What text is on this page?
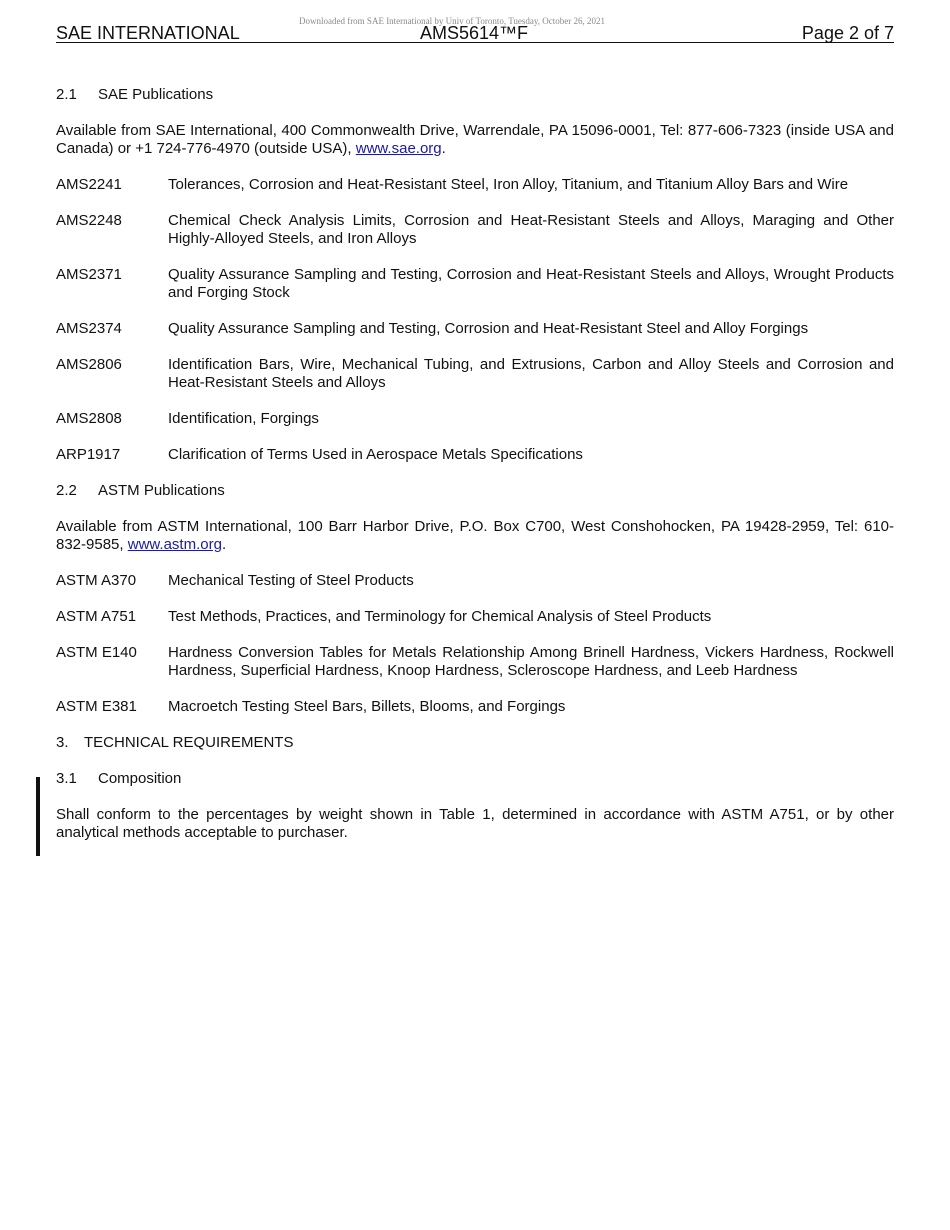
Downloaded from SAE International by Univ of Toronto, Tuesday, October 26, 2021
SAE INTERNATIONAL	AMS5614™F	Page 2 of 7
2.1 SAE Publications
Available from SAE International, 400 Commonwealth Drive, Warrendale, PA 15096-0001, Tel: 877-606-7323 (inside USA and Canada) or +1 724-776-4970 (outside USA), www.sae.org.
AMS2241	Tolerances, Corrosion and Heat-Resistant Steel, Iron Alloy, Titanium, and Titanium Alloy Bars and Wire
AMS2248	Chemical Check Analysis Limits, Corrosion and Heat-Resistant Steels and Alloys, Maraging and Other Highly-Alloyed Steels, and Iron Alloys
AMS2371	Quality Assurance Sampling and Testing, Corrosion and Heat-Resistant Steels and Alloys, Wrought Products and Forging Stock
AMS2374	Quality Assurance Sampling and Testing, Corrosion and Heat-Resistant Steel and Alloy Forgings
AMS2806	Identification Bars, Wire, Mechanical Tubing, and Extrusions, Carbon and Alloy Steels and Corrosion and Heat-Resistant Steels and Alloys
AMS2808	Identification, Forgings
ARP1917	Clarification of Terms Used in Aerospace Metals Specifications
2.2 ASTM Publications
Available from ASTM International, 100 Barr Harbor Drive, P.O. Box C700, West Conshohocken, PA 19428-2959, Tel: 610-832-9585, www.astm.org.
ASTM A370	Mechanical Testing of Steel Products
ASTM A751	Test Methods, Practices, and Terminology for Chemical Analysis of Steel Products
ASTM E140	Hardness Conversion Tables for Metals Relationship Among Brinell Hardness, Vickers Hardness, Rockwell Hardness, Superficial Hardness, Knoop Hardness, Scleroscope Hardness, and Leeb Hardness
ASTM E381	Macroetch Testing Steel Bars, Billets, Blooms, and Forgings
3. TECHNICAL REQUIREMENTS
3.1 Composition
Shall conform to the percentages by weight shown in Table 1, determined in accordance with ASTM A751, or by other analytical methods acceptable to purchaser.
